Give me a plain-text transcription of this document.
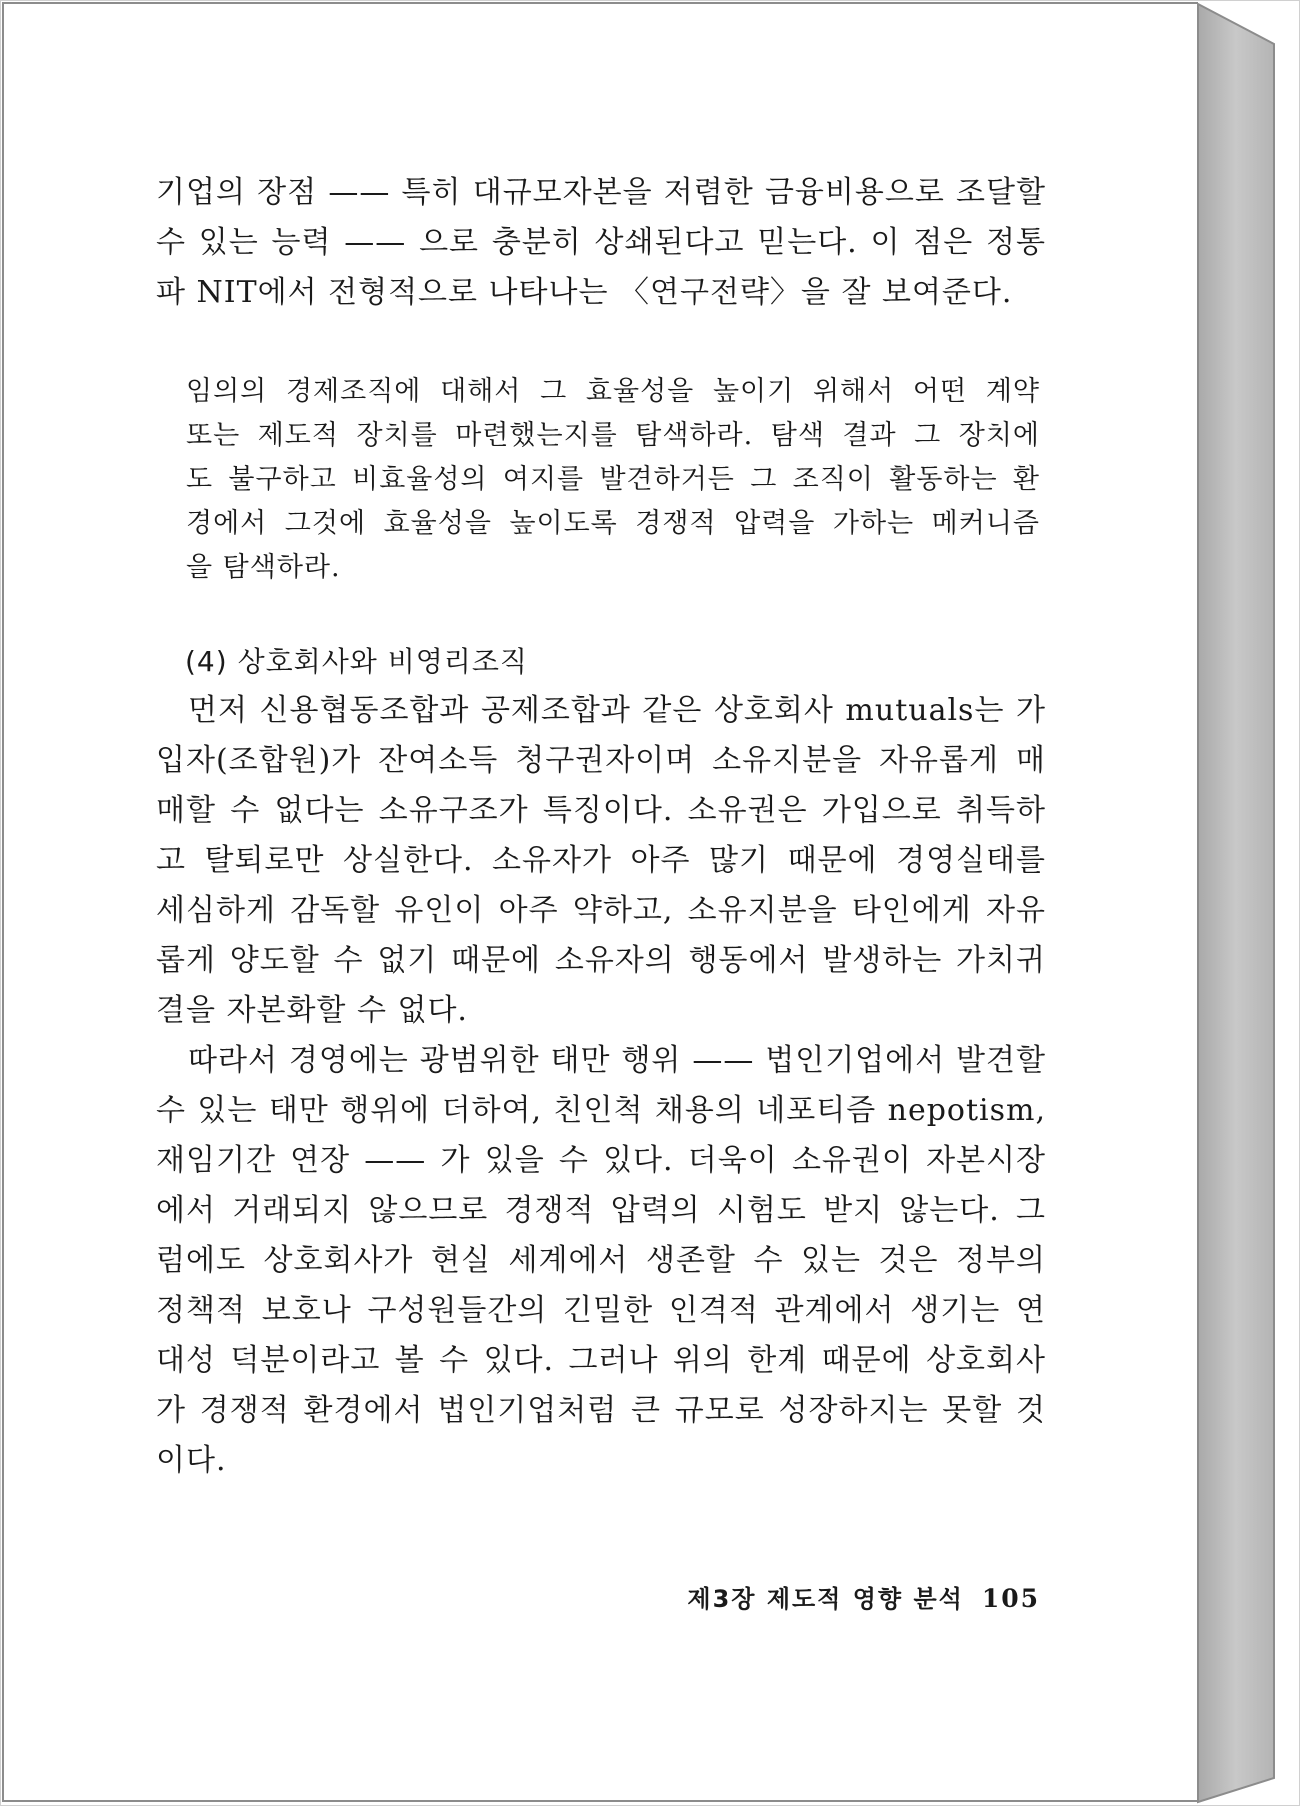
기업의 장점 —— 특히 대규모자본을 저렴한 금융비용으로 조달할
수 있는 능력 —— 으로 충분히 상쇄된다고 믿는다. 이 점은 정통
파 NIT에서 전형적으로 나타나는 〈연구전략〉을 잘 보여준다.
임의의 경제조직에 대해서 그 효율성을 높이기 위해서 어떤 계약
또는 제도적 장치를 마련했는지를 탐색하라. 탐색 결과 그 장치에
도 불구하고 비효율성의 여지를 발견하거든 그 조직이 활동하는 환
경에서 그것에 효율성을 높이도록 경쟁적 압력을 가하는 메커니즘
을 탐색하라.
(4) 상호회사와 비영리조직
먼저 신용협동조합과 공제조합과 같은 상호회사 mutuals는 가
입자(조합원)가 잔여소득 청구권자이며 소유지분을 자유롭게 매
매할 수 없다는 소유구조가 특징이다. 소유권은 가입으로 취득하
고 탈퇴로만 상실한다. 소유자가 아주 많기 때문에 경영실태를
세심하게 감독할 유인이 아주 약하고, 소유지분을 타인에게 자유
롭게 양도할 수 없기 때문에 소유자의 행동에서 발생하는 가치귀
결을 자본화할 수 없다.
따라서 경영에는 광범위한 태만 행위 —— 법인기업에서 발견할
수 있는 태만 행위에 더하여, 친인척 채용의 네포티즘 nepotism,
재임기간 연장 —— 가 있을 수 있다. 더욱이 소유권이 자본시장
에서 거래되지 않으므로 경쟁적 압력의 시험도 받지 않는다. 그
럼에도 상호회사가 현실 세계에서 생존할 수 있는 것은 정부의
정책적 보호나 구성원들간의 긴밀한 인격적 관계에서 생기는 연
대성 덕분이라고 볼 수 있다. 그러나 위의 한계 때문에 상호회사
가 경쟁적 환경에서 법인기업처럼 큰 규모로 성장하지는 못할 것
이다.
제3장 제도적 영향 분석 105
